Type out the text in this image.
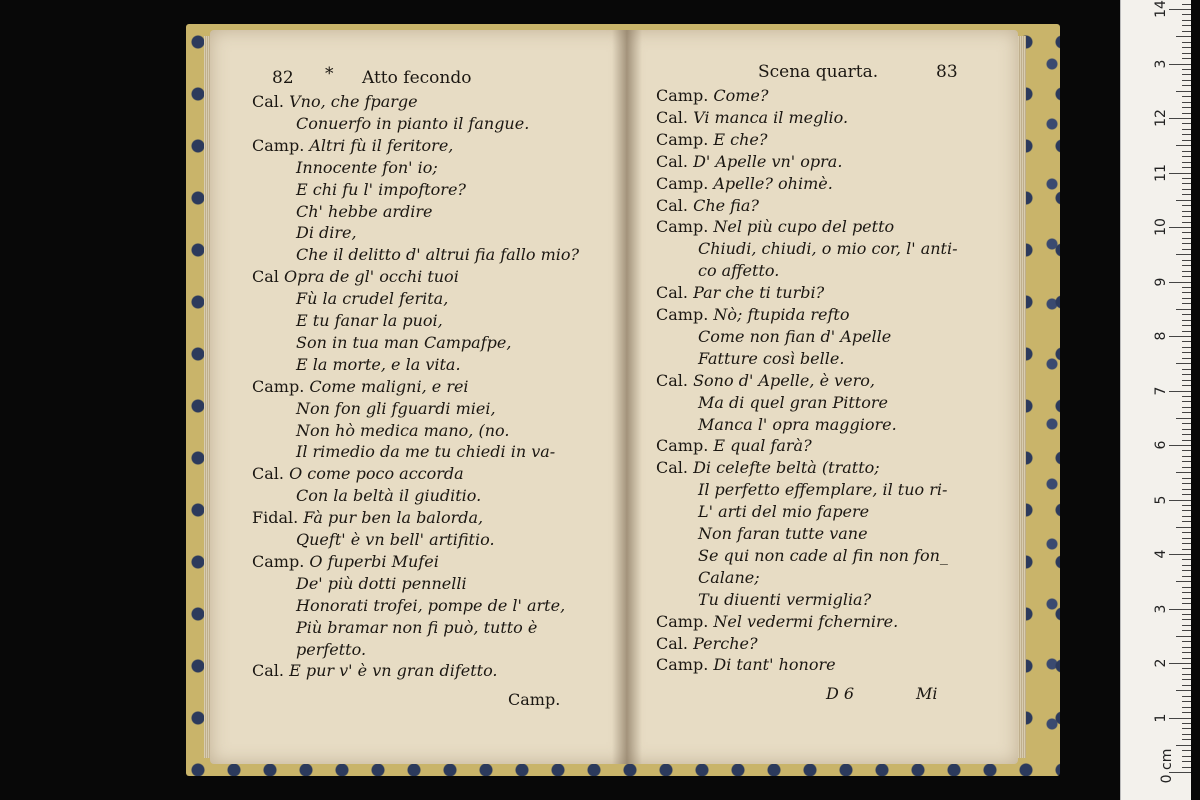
82 * Atto fecondo	Scena quarta.	83
Cal. Vno, che fparge
Conuerfo in pianto il fangue.
Camp. Altri fù il feritore,
Innocente fon' io;
E chi fu l' impoftore?
Ch' hebbe ardire
Di dire,
Che il delitto d' altrui fia fallo mio?
Cal Opra de gl' occhi tuoi
Fù la crudel ferita,
E tu fanar la puoi,
Son in tua man Campafpe,
E la morte, e la vita.
Camp. Come maligni, e rei
Non fon gli fguardi miei,
Non hò medica mano, (no.
Il rimedio da me tu chiedi in va-
Cal. O come poco accorda
Con la beltà il giuditio.
Fidal. Fà pur ben la balorda,
Queft' è vn bell' artifitio.
Camp. O fuperbi Mufei
De' più dotti pennelli
Honorati trofei, pompe de l' arte,
Più bramar non fi può, tutto è
perfetto.
Cal. E pur v' è vn gran difetto.
Camp. Come?
Cal. Vi manca il meglio.
Camp. E che?
Cal. D' Apelle vn' opra.
Camp. Apelle? ohimè.
Cal. Che fia?
Camp. Nel più cupo del petto
Chiudi, chiudi, o mio cor, l' anti-
co affetto.
Cal. Par che ti turbi?
Camp. Nò; ftupida refto
Come non fian d' Apelle
Fatture così belle.
Cal. Sono d' Apelle, è vero,
Ma di quel gran Pittore
Manca l' opra maggiore.
Camp. E qual farà?
Cal. Di celefte beltà (tratto;
Il perfetto effemplare, il tuo ri-
L' arti del mio fapere
Non faran tutte vane
Se qui non cade al fin non fon_
Calane;
Tu diuenti vermiglia?
Camp. Nel vedermi fchernire.
Cal. Perche?
Camp. Di tant' honore
Camp.	D 6	Mi
0 cm
1
2
3
4
5
6
7
8
9
10
11
12
3
14
